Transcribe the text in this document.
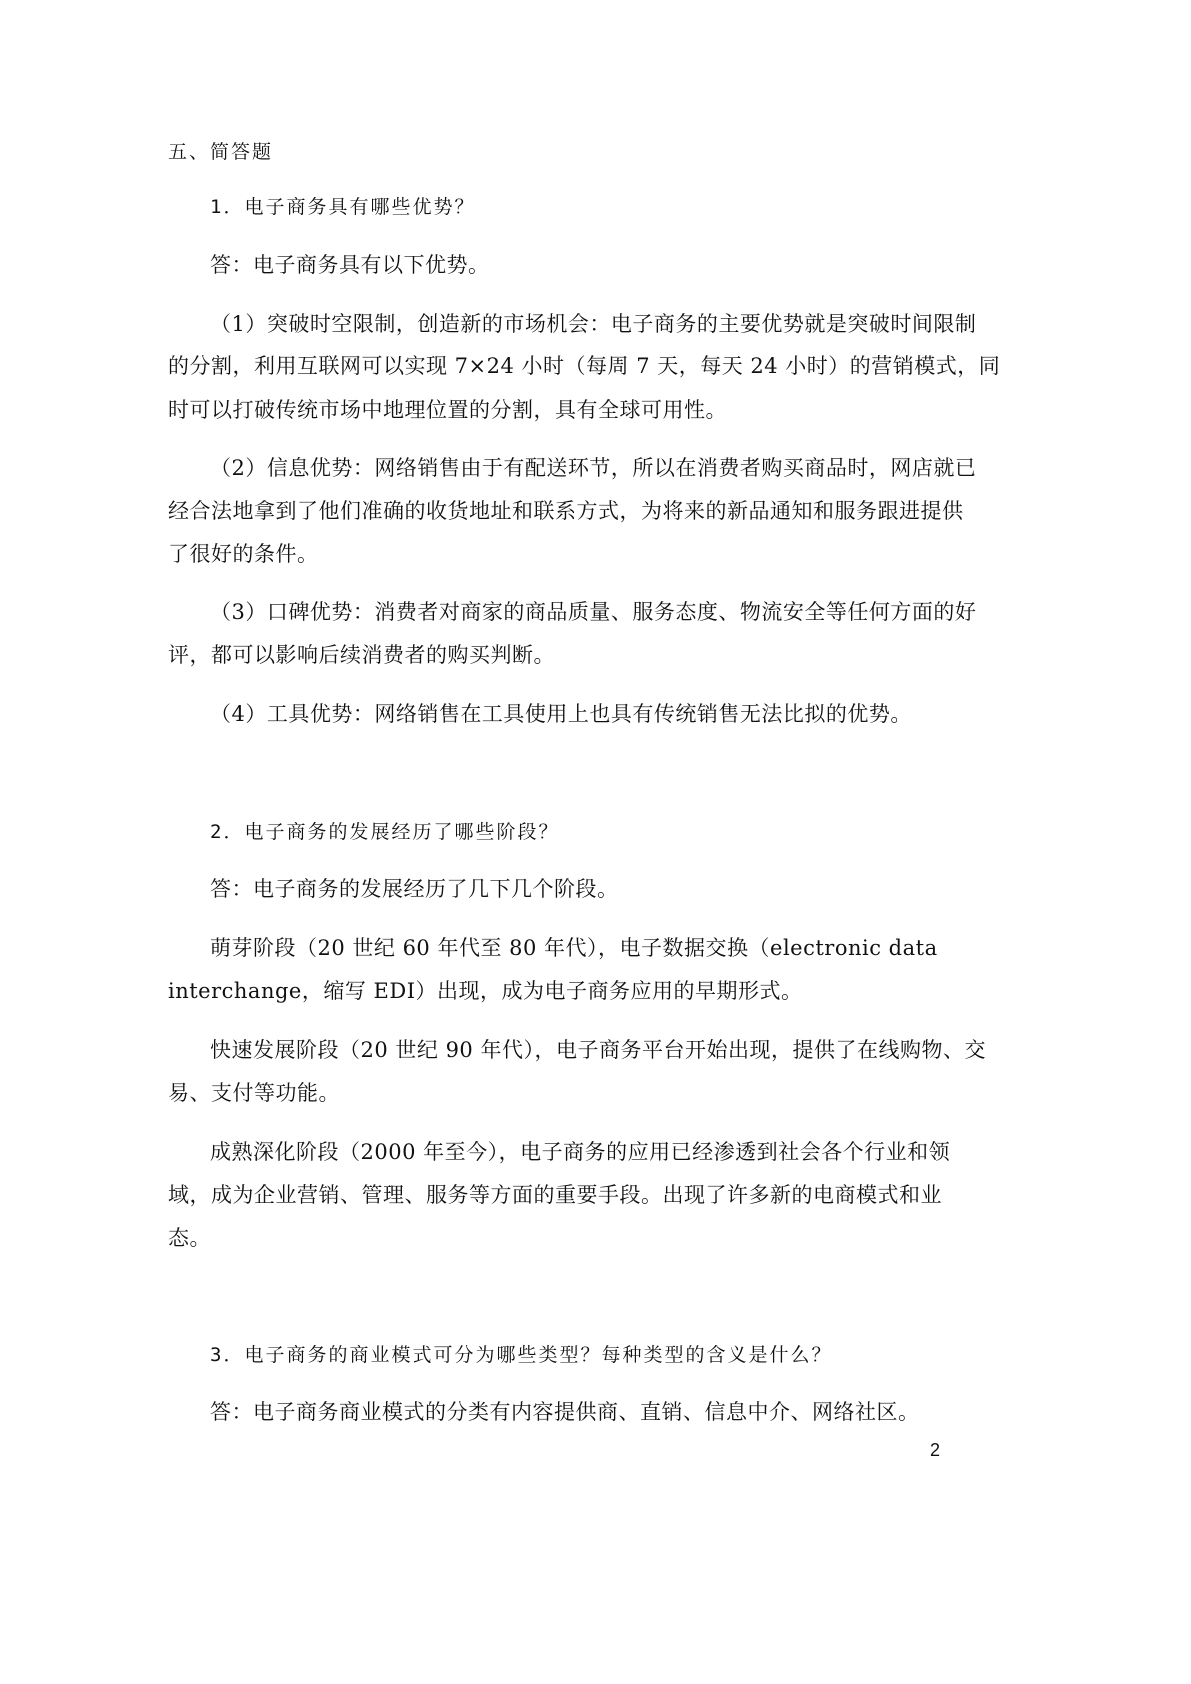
五、简答题
1．电子商务具有哪些优势？
答：电子商务具有以下优势。
（1）突破时空限制，创造新的市场机会：电子商务的主要优势就是突破时间限制
的分割，利用互联网可以实现 7×24 小时（每周 7 天，每天 24 小时）的营销模式，同
时可以打破传统市场中地理位置的分割，具有全球可用性。
（2）信息优势：网络销售由于有配送环节，所以在消费者购买商品时，网店就已
经合法地拿到了他们准确的收货地址和联系方式，为将来的新品通知和服务跟进提供
了很好的条件。
（3）口碑优势：消费者对商家的商品质量、服务态度、物流安全等任何方面的好
评，都可以影响后续消费者的购买判断。
（4）工具优势：网络销售在工具使用上也具有传统销售无法比拟的优势。
2．电子商务的发展经历了哪些阶段？
答：电子商务的发展经历了几下几个阶段。
萌芽阶段（20 世纪 60 年代至 80 年代），电子数据交换（electronic data
interchange，缩写 EDI）出现，成为电子商务应用的早期形式。
快速发展阶段（20 世纪 90 年代），电子商务平台开始出现，提供了在线购物、交
易、支付等功能。
成熟深化阶段（2000 年至今），电子商务的应用已经渗透到社会各个行业和领
域，成为企业营销、管理、服务等方面的重要手段。出现了许多新的电商模式和业
态。
3．电子商务的商业模式可分为哪些类型？每种类型的含义是什么？
答：电子商务商业模式的分类有内容提供商、直销、信息中介、网络社区。
2
